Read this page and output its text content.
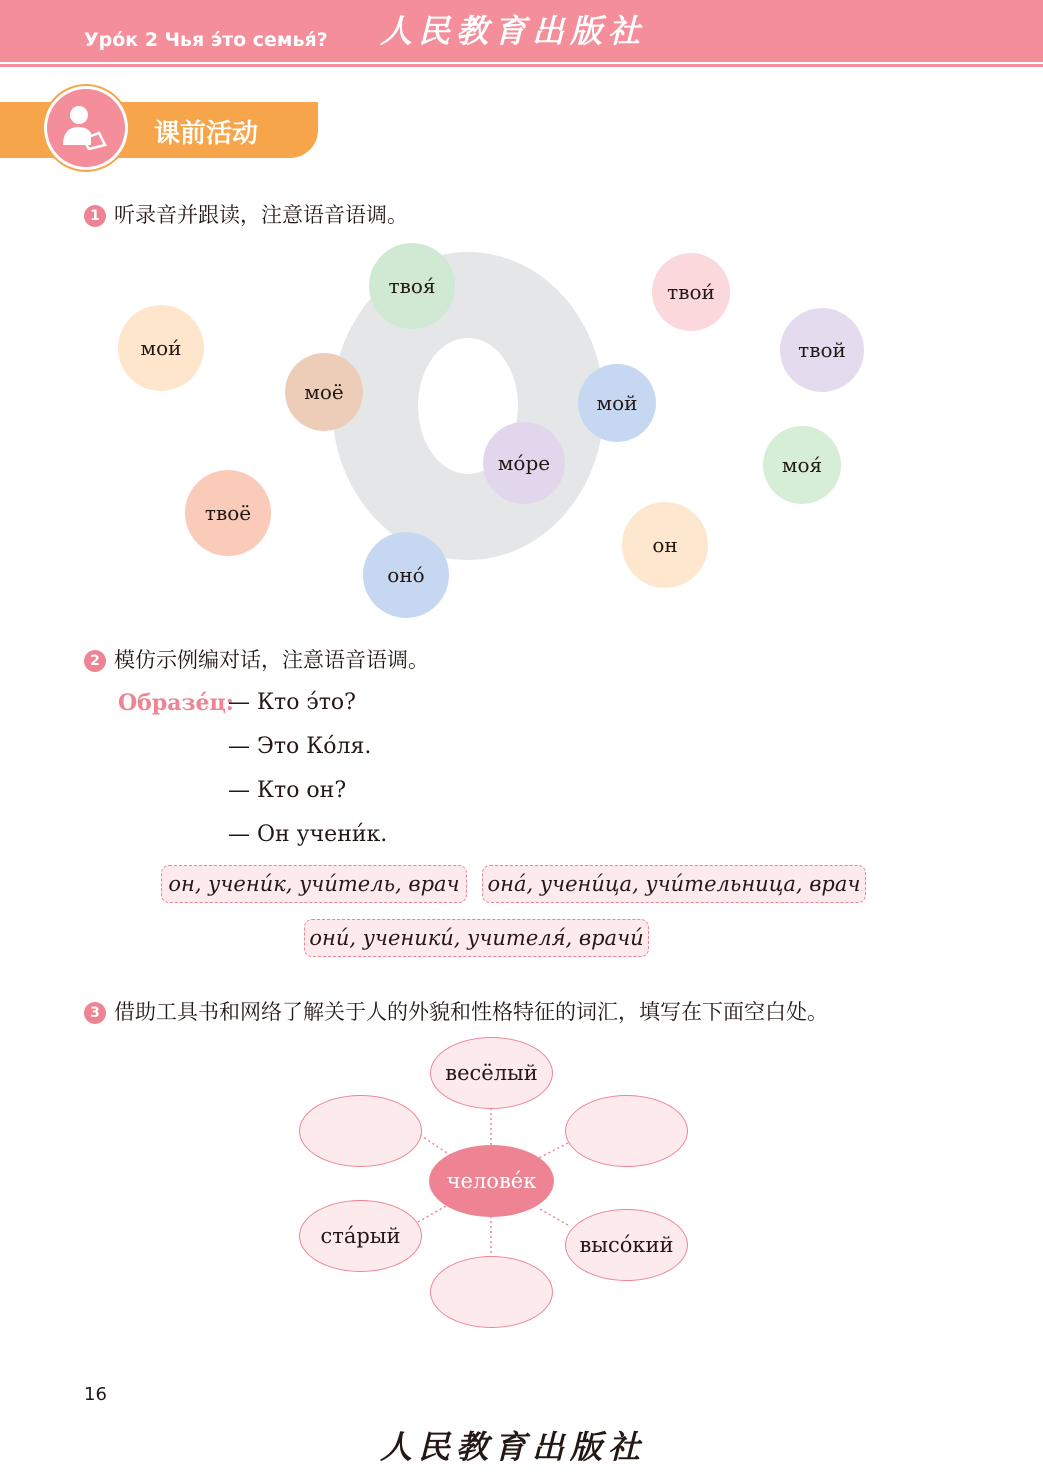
Уро́к 2 Чья э́то семья́? 人民教育出版社
课前活动
1 听录音并跟读，注意语音语调。
твоя́
мои́
моё
твоё
оно́
мо́ре
твои́
твой
мой
моя́
он
2 模仿示例编对话，注意语音语调。
Образе́ц:
— Кто э́то?
— Это Ко́ля.
— Кто он?
— Он учени́к.
он, учени́к, учи́тель, врач	она́, учени́ца, учи́тельница, врач
они́, ученики́, учителя́, врачи́
3 借助工具书和网络了解关于人的外貌和性格特征的词汇，填写在下面空白处。
весёлый
ста́рый	высо́кий
челове́к
16
人民教育出版社
